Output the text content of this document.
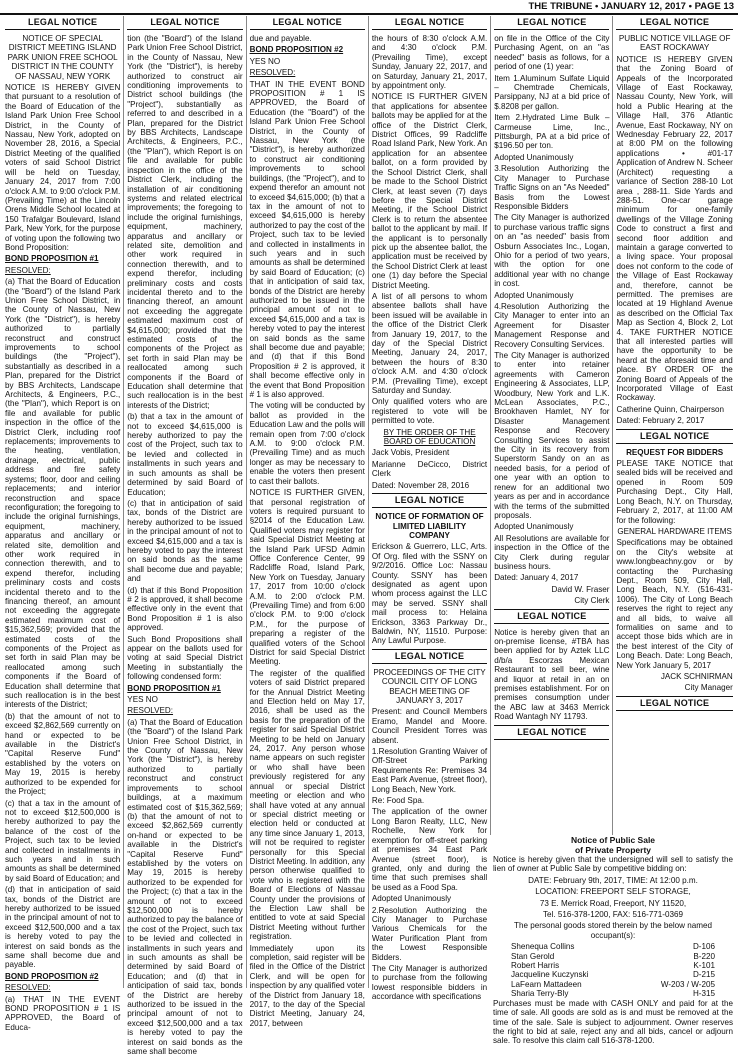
THE TRIBUNE • JANUARY 12, 2017 • PAGE 13
LEGAL NOTICE

NOTICE OF SPECIAL DISTRICT MEETING ISLAND PARK UNION FREE SCHOOL DISTRICT IN THE COUNTY OF NASSAU, NEW YORK

NOTICE IS HEREBY GIVEN that pursuant to a resolution of the Board of Education of the Island Park Union Free School District, in the County of Nassau, New York, adopted on November 28, 2016, a Special District Meeting of the qualified voters of said School District will be held on Tuesday, January 24, 2017 from 7:00 o'clock A.M. to 9:00 o'clock P.M. (Prevailing Time) at the Lincoln Orens Middle School located at 150 Trafalgar Boulevard, Island Park, New York, for the purpose of voting upon the following two Bond Proposition:

BOND PROPOSITION #1

RESOLVED:

(a) That the Board of Education (the "Board") of the Island Park Union Free School District, in the County of Nassau, New York (the "District"), is hereby authorized to partially reconstruct and construct improvements to school buildings (the "Project"), substantially as described in a Plan, prepared for the District by BBS Architects, Landscape Architects, & Engineers, P.C., (the "Plan"), which Report is on file and available for public inspection in the office of the District Clerk, including roof replacements; improvements to the heating, ventilation, drainage, electrical, public address and fire safety systems; floor, door and ceiling replacements; and interior reconstruction and space reconfiguration; the foregoing to include the original furnishings, equipment, machinery, apparatus and ancillary or related site, demolition and other work required in connection therewith, and to expend therefor, including preliminary costs and costs incidental thereto and to the financing thereof, an amount not exceeding the aggregate estimated maximum cost of $15,362,569; provided that the estimated costs of the components of the Project as set forth in said Plan may be reallocated among such components if the Board of Education shall determine that such reallocation is in the best interests of the District;

(b) that the amount of not to exceed $2,862,569 currently on hand or expected to be available in the District's "Capital Reserve Fund" established by the voters on May 19, 2015 is hereby authorized to be expended for the Project;

(c) that a tax in the amount of not to exceed $12,500,000 is hereby authorized to pay the balance of the cost of the Project, such tax to be levied and collected in installments in such years and in such amounts as shall be determined by said Board of Education; and

(d) that in anticipation of said tax, bonds of the District are hereby authorized to be issued in the principal amount of not to exceed $12,500,000 and a tax is hereby voted to pay the interest on said bonds as the same shall become due and payable.

BOND PROPOSITION #2

RESOLVED:

(a) THAT IN THE EVENT BOND PROPOSITION # 1 IS APPROVED, the Board of Educa-

LEGAL NOTICE

tion (the "Board") of the Island Park Union Free School District, in the County of Nassau, New York (the "District"), is hereby authorized to construct air conditioning improvements to District school buildings (the "Project"), substantially as referred to and described in a Plan, prepared for the District by BBS Architects, Landscape Architects, & Engineers, P.C., (the "Plan"), which Report is on file and available for public inspection in the office of the District Clerk, including the installation of air conditioning systems and related electrical improvements; the foregoing to include the original furnishings, equipment, machinery, apparatus and ancillary or related site, demolition and other work required in connection therewith, and to expend therefor, including preliminary costs and costs incidental thereto and to the financing thereof, an amount not exceeding the aggregate estimated maximum cost of $4,615,000; provided that the estimated costs of the components of the Project as set forth in said Plan may be reallocated among such components if the Board of Education shall determine that such reallocation is in the best interests of the District;

(b) that a tax in the amount of not to exceed $4,615,000 is hereby authorized to pay the cost of the Project, such tax to be levied and collected in installments in such years and in such amounts as shall be determined by said Board of Education;

(c) that in anticipation of said tax, bonds of the District are hereby authorized to be issued in the principal amount of not to exceed $4,615,000 and a tax is hereby voted to pay the interest on said bonds as the same shall become due and payable; and

(d) that if this Bond Proposition # 2 is approved, it shall become effective only in the event that Bond Proposition # 1 is also approved.

Such Bond Propositions shall appear on the ballots used for voting at said Special District Meeting in substantially the following condensed form:

BOND PROPOSITION #1

YES NO

RESOLVED:

(a) That the Board of Education (the "Board") of the Island Park Union Free School District, in the County of Nassau, New York (the "District"), is hereby authorized to partially reconstruct and construct improvements to school buildings, at a maximum estimated cost of $15,362,569; (b) that the amount of not to exceed $2,862,569 currently on-hand or expected to be available in the District's "Capital Reserve Fund" established by the voters on May 19, 2015 is hereby authorized to be expended for the Project; (c) that a tax in the amount of not to exceed $12,500,000 is hereby authorized to pay the balance of the cost of the Project, such tax to be levied and collected in installments in such years and in such amounts as shall be determined by said Board of Education; and (d) that in anticipation of said tax, bonds of the District are hereby authorized to be issued in the principal amount of not to exceed $12,500,000 and a tax is hereby voted to pay the interest on said bonds as the same shall become

LEGAL NOTICE

due and payable.

BOND PROPOSITION #2

YES NO

RESOLVED:

THAT IN THE EVENT BOND PROPOSITION # 1 IS APPROVED, the Board of Education (the "Board") of the Island Park Union Free School District, in the County of Nassau, New York (the "District"), is hereby authorized to construct air conditioning improvements to school buildings, (the "Project"), and to expend therefor an amount not to exceed $4,615,000; (b) that a tax in the amount of not to exceed $4,615,000 is hereby authorized to pay the cost of the Project, such tax to be levied and collected in installments in such years and in such amounts as shall be determined by said Board of Education; (c) that in anticipation of said tax, bonds of the District are hereby authorized to be issued in the principal amount of not to exceed $4,615,000 and a tax is hereby voted to pay the interest on said bonds as the same shall become due and payable; and (d) that if this Bond Proposition # 2 is approved, it shall become effective only in the event that Bond Proposition # 1 is also approved.

The voting will be conducted by ballot as provided in the Education Law and the polls will remain open from 7:00 o'clock A.M. to 9:00 o'clock P.M. (Prevailing Time) and as much longer as may be necessary to enable the voters then present to cast their ballots.

NOTICE IS FURTHER GIVEN, that personal registration of voters is required pursuant to §2014 of the Education Law. Qualified voters may register for said Special District Meeting at the Island Park UFSD Admin Office Conference Center, 99 Radcliffe Road, Island Park, New York on Tuesday, January 17, 2017 from 10:00 o'clock A.M. to 2:00 o'clock P.M. (Prevailing Time) and from 6:00 o'clock P.M. to 9:00 o'clock P.M., for the purpose of preparing a register of the qualified voters of the School District for said Special District Meeting.

The register of the qualified voters of said District prepared for the Annual District Meeting and Election held on May 17, 2016, shall be used as the basis for the preparation of the register for said Special District Meeting to be held on January 24, 2017. Any person whose name appears on such register or who shall have been previously registered for any annual or special District meeting or election and who shall have voted at any annual or special district meeting or election held or conducted at any time since January 1, 2013, will not be required to register personally for this Special District Meeting. In addition, any person otherwise qualified to vote who is registered with the Board of Elections of Nassau County under the provisions of the Election Law shall be entitled to vote at said Special District Meeting without further registration.

Immediately upon its completion, said register will be filed in the Office of the District Clerk, and will be open for inspection by any qualified voter of the District from January 18, 2017, to the day of the Special District Meeting, January 24, 2017, between

LEGAL NOTICE

the hours of 8:30 o'clock A.M. and 4:30 o'clock P.M. (Prevailing Time), except Sunday, January 22, 2017, and on Saturday, January 21, 2017, by appointment only.

NOTICE IS FURTHER GIVEN that applications for absentee ballots may be applied for at the office of the District Clerk, District Offices, 99 Radcliffe Road Island Park, New York. An application for an absentee ballot, on a form provided by the School District Clerk, shall be made to the School District Clerk, at least seven (7) days before the Special District Meeting, if the School District Clerk is to return the absentee ballot to the applicant by mail. If the applicant is to personally pick up the absentee ballot, the application must be received by the School District Clerk at least one (1) day before the Special District Meeting.

A list of all persons to whom absentee ballots shall have been issued will be available in the office of the District Clerk from January 19, 2017, to the day of the Special District Meeting, January 24, 2017, between the hours of 8:30 o'clock A.M. and 4:30 o'clock P.M. (Prevailing Time), except Saturday and Sunday.

Only qualified voters who are registered to vote will be permitted to vote.

BY THE ORDER OF THE BOARD OF EDUCATION

Jack Vobis, President

Marianne DeCicco, District Clerk

Dated: November 28, 2016

LEGAL NOTICE

NOTICE OF FORMATION OF LIMITED LIABILITY COMPANY

Erickson & Guerrero, LLC, Arts. Of Org. filed with the SSNY on 9/2/2016. Office Loc: Nassau County. SSNY has been designated as agent upon whom process against the LLC may be served. SSNY shall mail process to: Helaina Erickson, 3363 Parkway Dr., Baldwin, NY, 11510. Purpose: Any Lawful Purpose.

LEGAL NOTICE

PROCEEDINGS OF THE CITY COUNCIL CITY OF LONG BEACH MEETING OF JANUARY 3, 2017

Present: and Council Members Eramo, Mandel and Moore. Council President Torres was absent.

1.Resolution Granting Waiver of Off-Street Parking Requirements Re: Premises 34 East Park Avenue, (street floor), Long Beach, New York.

Re: Food Spa.

The application of the owner Long Baron Realty, LLC, New Rochelle, New York for exemption for off-street parking at premises 34 East Park Avenue (street floor), is granted, only and during the time that such premises shall be used as a Food Spa.

Adopted Unanimously

2.Resolution Authorizing the City Manager to Purchase Various Chemicals for the Water Purification Plant from the Lowest Responsible Bidders.

The City Manager is authorized to purchase from the following lowest responsible bidders in accordance with specifications

LEGAL NOTICE

on file in the Office of the City Purchasing Agent, on an "as needed" basis as follows, for a period of one (1) year:

Item 1.Aluminum Sulfate Liquid – Chemtrade Chemicals, Parsippany, NJ at a bid price of $.8208 per gallon.

Item 2.Hydrated Lime Bulk – Carmeuse Lime, Inc., Pittsburgh, PA at a bid price of $196.50 per ton.

Adopted Unanimously

3.Resolution Authorizing the City Manager to Purchase Traffic Signs on an "As Needed" Basis from the Lowest Responsible Bidders

The City Manager is authorized to purchase various traffic signs on an "as needed" basis from Osburn Associates Inc., Logan, Ohio for a period of two years, with the option for one additional year with no change in cost.

Adopted Unanimously

4.Resolution Authorizing the City Manager to enter into an Agreement for Disaster Management Response and Recovery Consulting Services.

The City Manager is authorized to enter into retainer agreements with Cameron Engineering & Associates, LLP, Woodbury, New York and L.K. McLean Associates, P.C., Brookhaven Hamlet, NY for Disaster Management Response and Recovery Consulting Services to assist the City in its recovery from Superstorm Sandy on an as needed basis, for a period of one year with an option to renew for an additional two years as per and in accordance with the terms of the submitted proposals.

Adopted Unanimously

All Resolutions are available for inspection in the Office of the City Clerk during regular business hours.

Dated: January 4, 2017

David W. Fraser

City Clerk

LEGAL NOTICE

Notice is hereby given that an on-premise license, #TBA has been applied for by Aztek LLC d/b/a Escorzas Mexican Restaurant to sell beer, wine and liquor at retail in an on premises establishment. For on premises consumption under the ABC law at 3463 Merrick Road Wantagh NY 11793.

LEGAL NOTICE
LEGAL NOTICE

PUBLIC NOTICE VILLAGE OF EAST ROCKAWAY

NOTICE IS HEREBY GIVEN that the Zoning Board of Appeals of the Incorporated Village of East Rockaway, Nassau County, New York, will hold a Public Hearing at the Village Hall, 376 Atlantic Avenue, East Rockaway, NY on Wednesday February 22, 2017 at 8:00 PM on the following applications • #01-17 Application of Andrew N. Scheer (Architect) requesting a variance of Section 288-10 Lot area , 288-11. Side Yards and 288-51. One-car garage minimum for one-family dwellings of the Village Zoning Code to construct a first and second floor addition and maintain a garage converted to a living space. Your proposal does not conform to the code of the Village of East Rockaway and, therefore, cannot be permitted. The premises are located at 19 Highland Avenue as described on the Official Tax Map as Section 4, Block 2, Lot 4. TAKE FURTHER NOTICE that all interested parties will have the opportunity to be heard at the aforesaid time and place. BY ORDER OF the Zoning Board of Appeals of the Incorporated Village of East Rockaway.

Catherine Quinn, Chairperson

Dated: February 2, 2017

LEGAL NOTICE

REQUEST FOR BIDDERS

PLEASE TAKE NOTICE that sealed bids will be received and opened in Room 509 Purchasing Dept., City Hall, Long Beach, N.Y. on Thursday, February 2, 2017, at 11:00 AM for the following:

GENERAL HARDWARE ITEMS

Specifications may be obtained on the City's website at www.longbeachny.gov or by contacting the Purchasing Dept., Room 509, City Hall, Long Beach, N.Y. (516-431-1006). The City of Long Beach reserves the right to reject any and all bids, to waive all formalities on same and to accept those bids which are in the best interest of the City of Long Beach. Date: Long Beach, New York January 5, 2017

JACK SCHNIRMAN

City Manager

LEGAL NOTICE
Notice of Public Sale
of Private Property

Notice is hereby given that the undersigned will sell to satisfy the lien of owner at Public Sale by competitive bidding on:

DATE: February 9th, 2017, TIME: At 12:00 p.m.

LOCATION: FREEPORT SELF STORAGE,

73 E. Merrick Road, Freeport, NY 11520,

Tel. 516-378-1200, FAX: 516-771-0369

The personal goods stored therein by the below named occupant(s):

Shenequa Collins	D-106
Stan Gerold	B-220
Robert Harris	K-101
Jacqueline Kuczynski	D-215
LaFearn Mattadeen	W-203 / W-205
Sharia Terry-Bly	H-315

Purchases must be made with CASH ONLY and paid for at the time of sale. All goods are sold as is and must be removed at the time of the sale. Sale is subject to adjournment. Owner reserves the right to bid at sale, reject any and all bids, cancel or adjourn sale. To resolve this claim call 516-378-1200.
